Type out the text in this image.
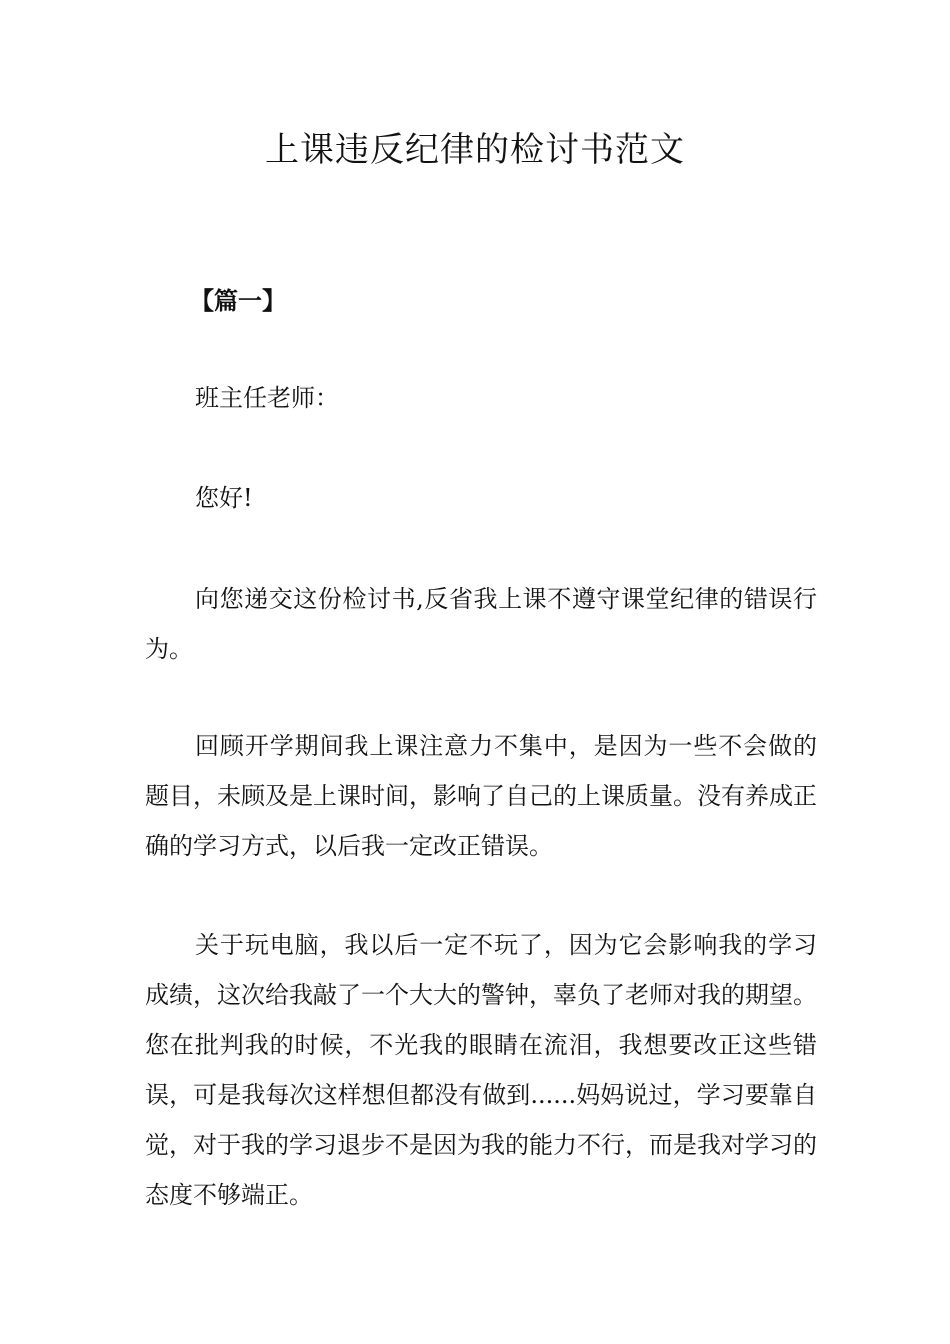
上课违反纪律的检讨书范文
【篇一】
班主任老师：
您好!

向您递交这份检讨书,反省我上课不遵守课堂纪律的错误行为。

回顾开学期间我上课注意力不集中，是因为一些不会做的题目，未顾及是上课时间，影响了自己的上课质量。没有养成正确的学习方式，以后我一定改正错误。

关于玩电脑，我以后一定不玩了，因为它会影响我的学习成绩，这次给我敲了一个大大的警钟，辜负了老师对我的期望。您在批判我的时候，不光我的眼睛在流泪，我想要改正这些错误，可是我每次这样想但都没有做到......妈妈说过，学习要靠自觉，对于我的学习退步不是因为我的能力不行，而是我对学习的态度不够端正。
